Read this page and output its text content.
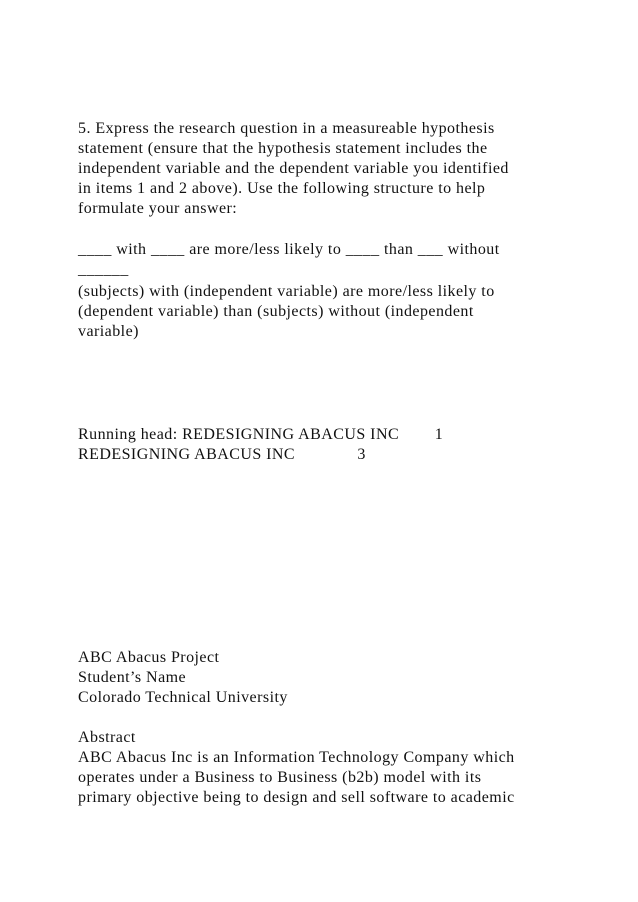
5. Express the research question in a measureable hypothesis
statement (ensure that the hypothesis statement includes the
independent variable and the dependent variable you identified
in items 1 and 2 above). Use the following structure to help
formulate your answer:
____ with ____ are more/less likely to ____ than ___ without
______
(subjects) with (independent variable) are more/less likely to
(dependent variable) than (subjects) without (independent
variable)
Running head: REDESIGNING ABACUS INC        1
REDESIGNING ABACUS INC              3
ABC Abacus Project
Student’s Name
Colorado Technical University
Abstract
ABC Abacus Inc is an Information Technology Company which
operates under a Business to Business (b2b) model with its
primary objective being to design and sell software to academic
